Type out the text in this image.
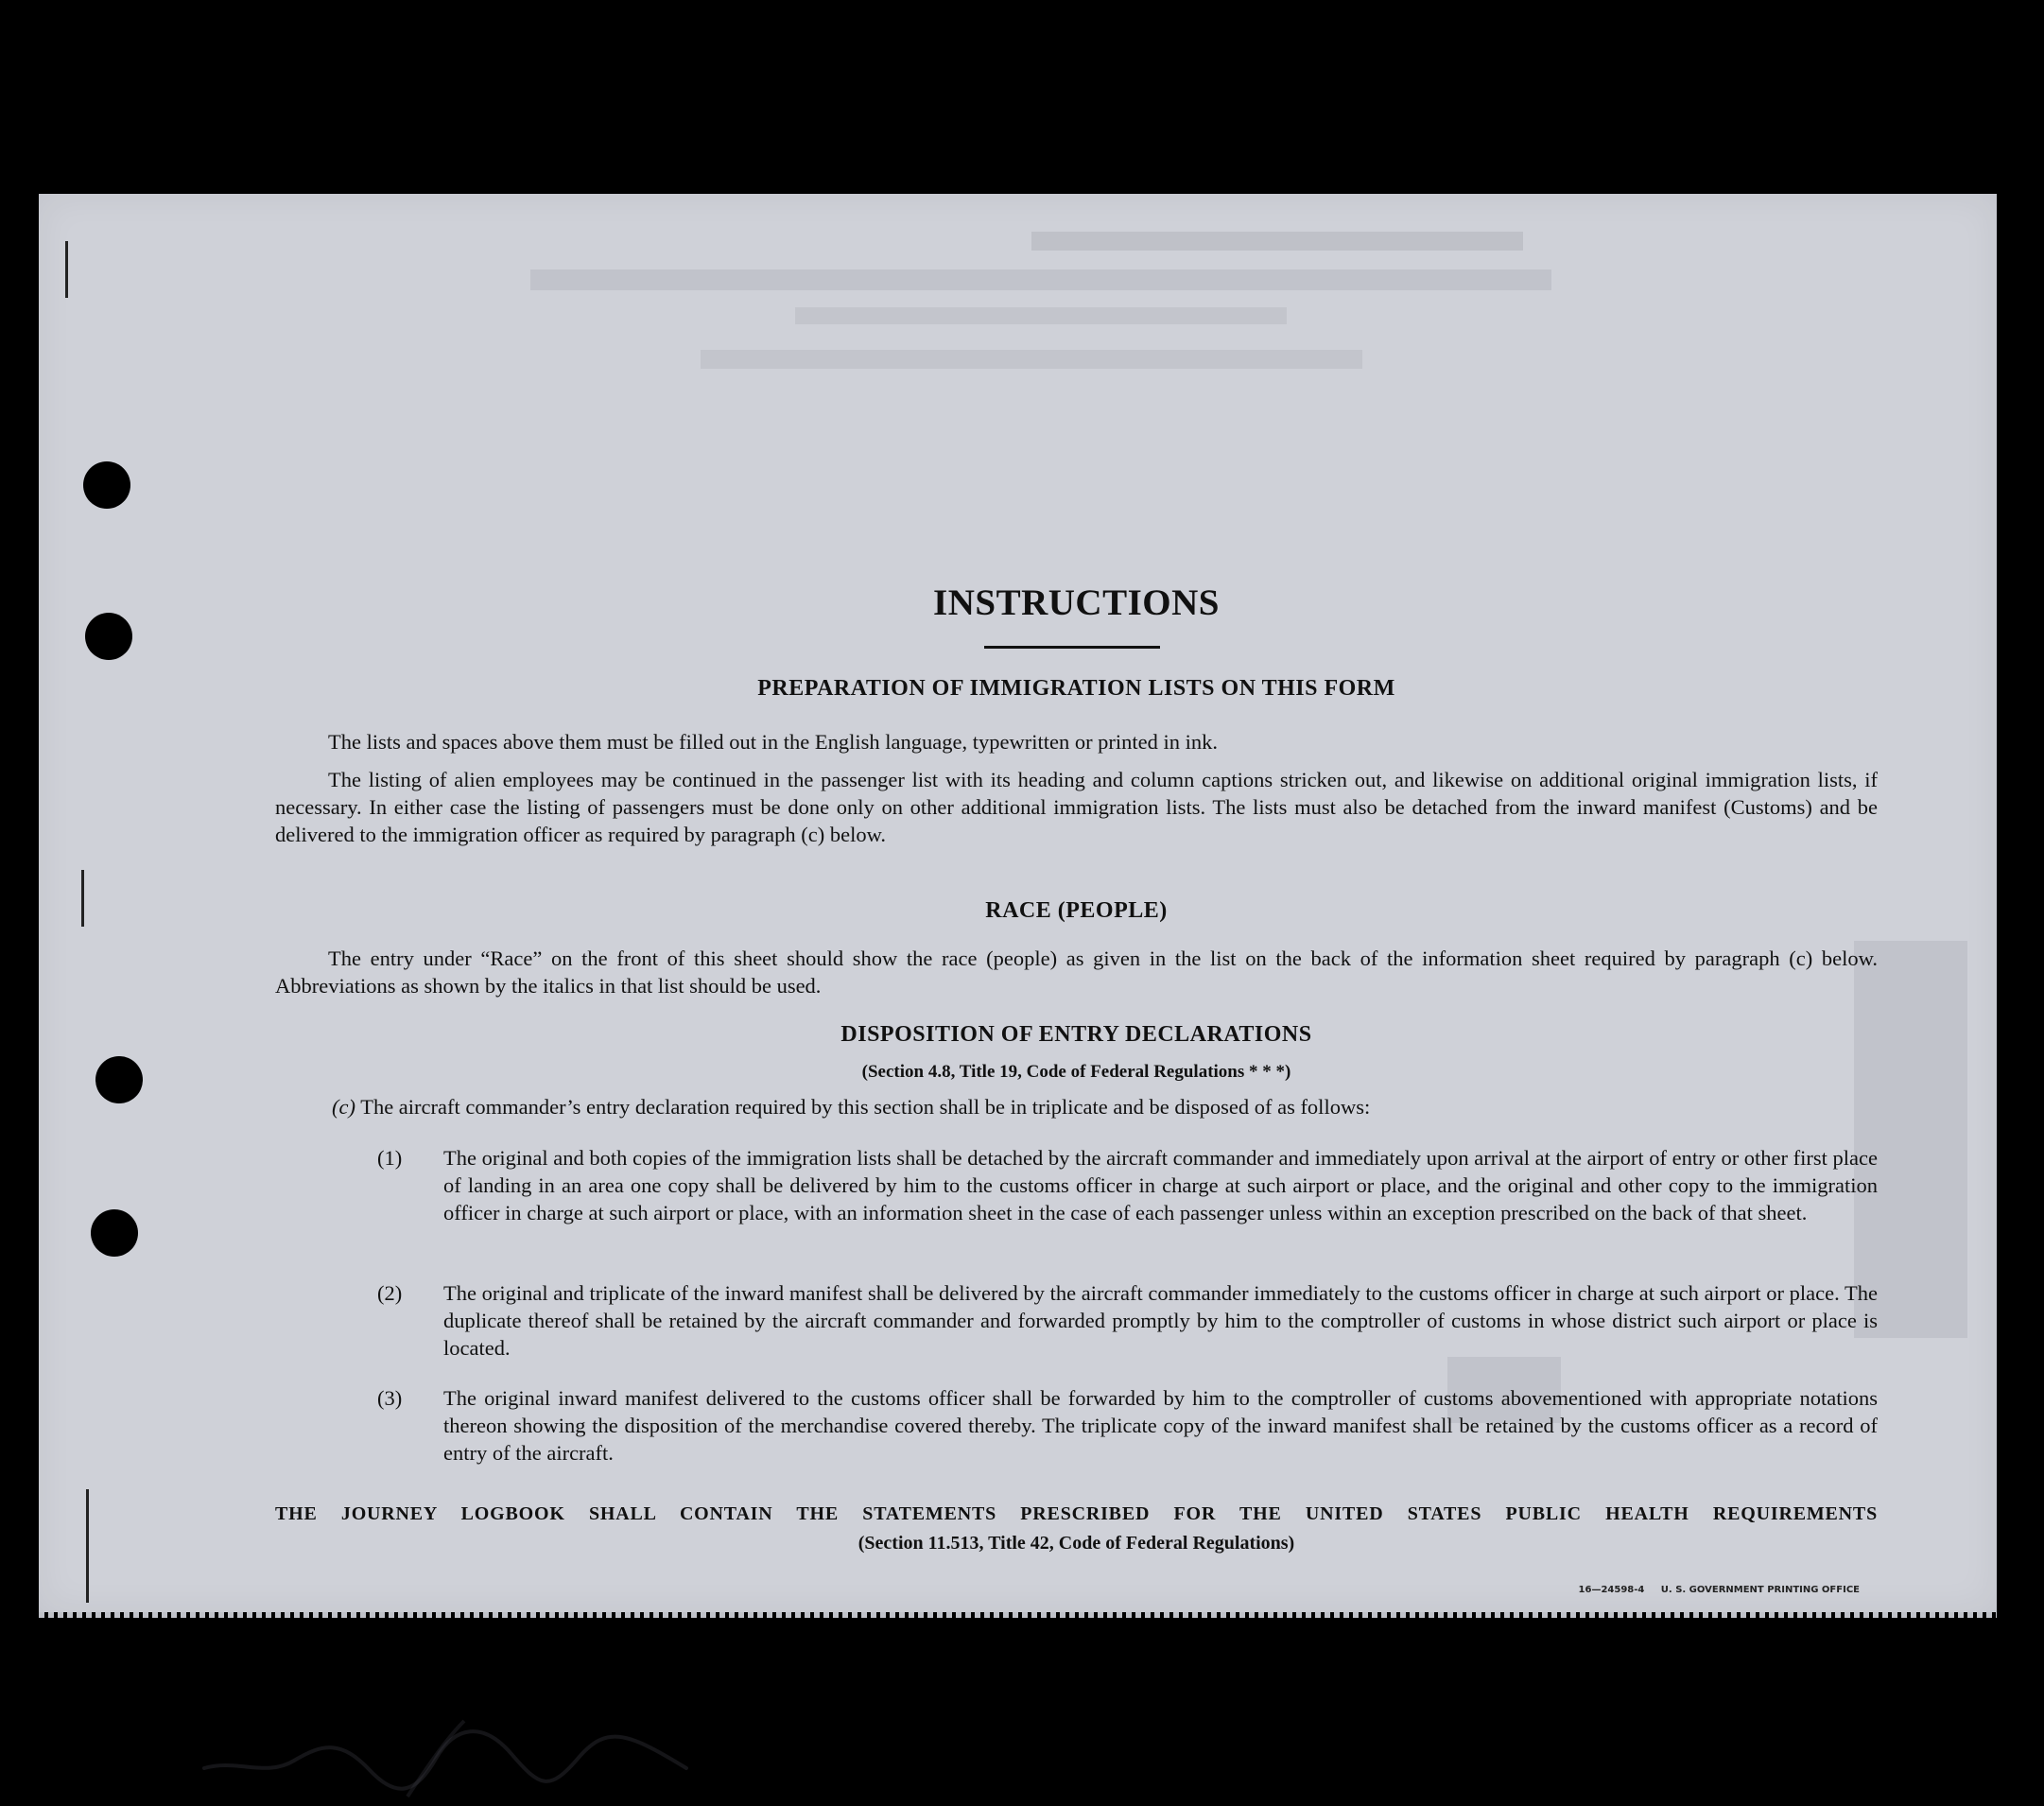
INSTRUCTIONS
PREPARATION OF IMMIGRATION LISTS ON THIS FORM
The lists and spaces above them must be filled out in the English language, typewritten or printed in ink.
The listing of alien employees may be continued in the passenger list with its heading and column captions stricken out, and likewise on additional original immigration lists, if necessary. In either case the listing of passengers must be done only on other additional immigration lists. The lists must also be detached from the inward manifest (Customs) and be delivered to the immigration officer as required by paragraph (c) below.
RACE (PEOPLE)
The entry under “Race” on the front of this sheet should show the race (people) as given in the list on the back of the information sheet required by paragraph (c) below. Abbreviations as shown by the italics in that list should be used.
DISPOSITION OF ENTRY DECLARATIONS
(Section 4.8, Title 19, Code of Federal Regulations * * *)
(c) The aircraft commander’s entry declaration required by this section shall be in triplicate and be disposed of as follows:
(1) The original and both copies of the immigration lists shall be detached by the aircraft commander and immediately upon arrival at the airport of entry or other first place of landing in an area one copy shall be delivered by him to the customs officer in charge at such airport or place, and the original and other copy to the immigration officer in charge at such airport or place, with an information sheet in the case of each passenger unless within an exception prescribed on the back of that sheet.
(2) The original and triplicate of the inward manifest shall be delivered by the aircraft commander immediately to the customs officer in charge at such airport or place. The duplicate thereof shall be retained by the aircraft commander and forwarded promptly by him to the comptroller of customs in whose district such airport or place is located.
(3) The original inward manifest delivered to the customs officer shall be forwarded by him to the comptroller of customs abovementioned with appropriate notations thereon showing the disposition of the merchandise covered thereby. The triplicate copy of the inward manifest shall be retained by the customs officer as a record of entry of the aircraft.
THE JOURNEY LOGBOOK SHALL CONTAIN THE STATEMENTS PRESCRIBED FOR THE UNITED STATES PUBLIC HEALTH REQUIREMENTS
(Section 11.513, Title 42, Code of Federal Regulations)
16—24598-4 U. S. GOVERNMENT PRINTING OFFICE
